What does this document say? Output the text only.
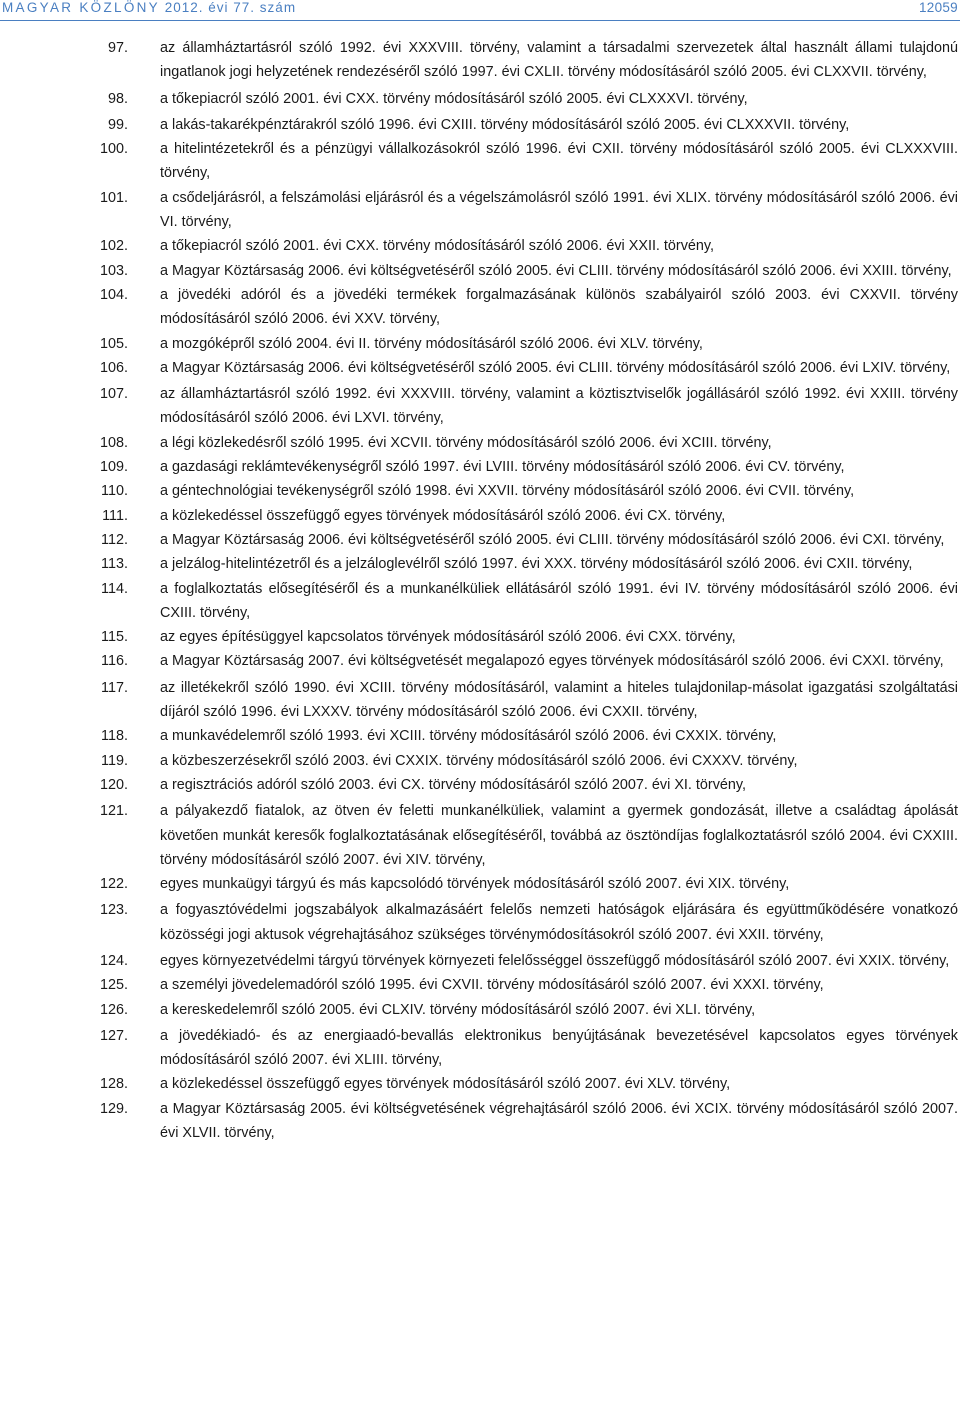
MAGYAR KÖZLÖNY 2012. évi 77. szám	12059
97. az államháztartásról szóló 1992. évi XXXVIII. törvény, valamint a társadalmi szervezetek által használt állami tulajdonú ingatlanok jogi helyzetének rendezéséről szóló 1997. évi CXLII. törvény módosításáról szóló 2005. évi CLXXVII. törvény,
98. a tőkepiacról szóló 2001. évi CXX. törvény módosításáról szóló 2005. évi CLXXXVI. törvény,
99. a lakás-takarékpénztárakról szóló 1996. évi CXIII. törvény módosításáról szóló 2005. évi CLXXXVII. törvény,
100. a hitelintézetekről és a pénzügyi vállalkozásokról szóló 1996. évi CXII. törvény módosításáról szóló 2005. évi CLXXXVIII. törvény,
101. a csődeljárásról, a felszámolási eljárásról és a végelszámolásról szóló 1991. évi XLIX. törvény módosításáról szóló 2006. évi VI. törvény,
102. a tőkepiacról szóló 2001. évi CXX. törvény módosításáról szóló 2006. évi XXII. törvény,
103. a Magyar Köztársaság 2006. évi költségvetéséről szóló 2005. évi CLIII. törvény módosításáról szóló 2006. évi XXIII. törvény,
104. a jövedéki adóról és a jövedéki termékek forgalmazásának különös szabályairól szóló 2003. évi CXXVII. törvény módosításáról szóló 2006. évi XXV. törvény,
105. a mozgóképről szóló 2004. évi II. törvény módosításáról szóló 2006. évi XLV. törvény,
106. a Magyar Köztársaság 2006. évi költségvetéséről szóló 2005. évi CLIII. törvény módosításáról szóló 2006. évi LXIV. törvény,
107. az államháztartásról szóló 1992. évi XXXVIII. törvény, valamint a köztisztviselők jogállásáról szóló 1992. évi XXIII. törvény módosításáról szóló 2006. évi LXVI. törvény,
108. a légi közlekedésről szóló 1995. évi XCVII. törvény módosításáról szóló 2006. évi XCIII. törvény,
109. a gazdasági reklámtevékenységről szóló 1997. évi LVIII. törvény módosításáról szóló 2006. évi CV. törvény,
110. a géntechnológiai tevékenységről szóló 1998. évi XXVII. törvény módosításáról szóló 2006. évi CVII. törvény,
111. a közlekedéssel összefüggő egyes törvények módosításáról szóló 2006. évi CX. törvény,
112. a Magyar Köztársaság 2006. évi költségvetéséről szóló 2005. évi CLIII. törvény módosításáról szóló 2006. évi CXI. törvény,
113. a jelzálog-hitelintézetről és a jelzáloglevélről szóló 1997. évi XXX. törvény módosításáról szóló 2006. évi CXII. törvény,
114. a foglalkoztatás elősegítéséről és a munkanélküliek ellátásáról szóló 1991. évi IV. törvény módosításáról szóló 2006. évi CXIII. törvény,
115. az egyes építésüggyel kapcsolatos törvények módosításáról szóló 2006. évi CXX. törvény,
116. a Magyar Köztársaság 2007. évi költségvetését megalapozó egyes törvények módosításáról szóló 2006. évi CXXI. törvény,
117. az illetékekről szóló 1990. évi XCIII. törvény módosításáról, valamint a hiteles tulajdonilap-másolat igazgatási szolgáltatási díjáról szóló 1996. évi LXXXV. törvény módosításáról szóló 2006. évi CXXII. törvény,
118. a munkavédelemről szóló 1993. évi XCIII. törvény módosításáról szóló 2006. évi CXXIX. törvény,
119. a közbeszerzésekről szóló 2003. évi CXXIX. törvény módosításáról szóló 2006. évi CXXXV. törvény,
120. a regisztrációs adóról szóló 2003. évi CX. törvény módosításáról szóló 2007. évi XI. törvény,
121. a pályakezdő fiatalok, az ötven év feletti munkanélküliek, valamint a gyermek gondozását, illetve a családtag ápolását követően munkát keresők foglalkoztatásának elősegítéséről, továbbá az ösztöndíjas foglalkoztatásról szóló 2004. évi CXXIII. törvény módosításáról szóló 2007. évi XIV. törvény,
122. egyes munkaügyi tárgyú és más kapcsolódó törvények módosításáról szóló 2007. évi XIX. törvény,
123. a fogyasztóvédelmi jogszabályok alkalmazásáért felelős nemzeti hatóságok eljárására és együttműködésére vonatkozó közösségi jogi aktusok végrehajtásához szükséges törvénymódosításokról szóló 2007. évi XXII. törvény,
124. egyes környezetvédelmi tárgyú törvények környezeti felelősséggel összefüggő módosításáról szóló 2007. évi XXIX. törvény,
125. a személyi jövedelemadóról szóló 1995. évi CXVII. törvény módosításáról szóló 2007. évi XXXI. törvény,
126. a kereskedelemről szóló 2005. évi CLXIV. törvény módosításáról szóló 2007. évi XLI. törvény,
127. a jövedékiadó- és az energiaadó-bevallás elektronikus benyújtásának bevezetésével kapcsolatos egyes törvények módosításáról szóló 2007. évi XLIII. törvény,
128. a közlekedéssel összefüggő egyes törvények módosításáról szóló 2007. évi XLV. törvény,
129. a Magyar Köztársaság 2005. évi költségvetésének végrehajtásáról szóló 2006. évi XCIX. törvény módosításáról szóló 2007. évi XLVII. törvény,
